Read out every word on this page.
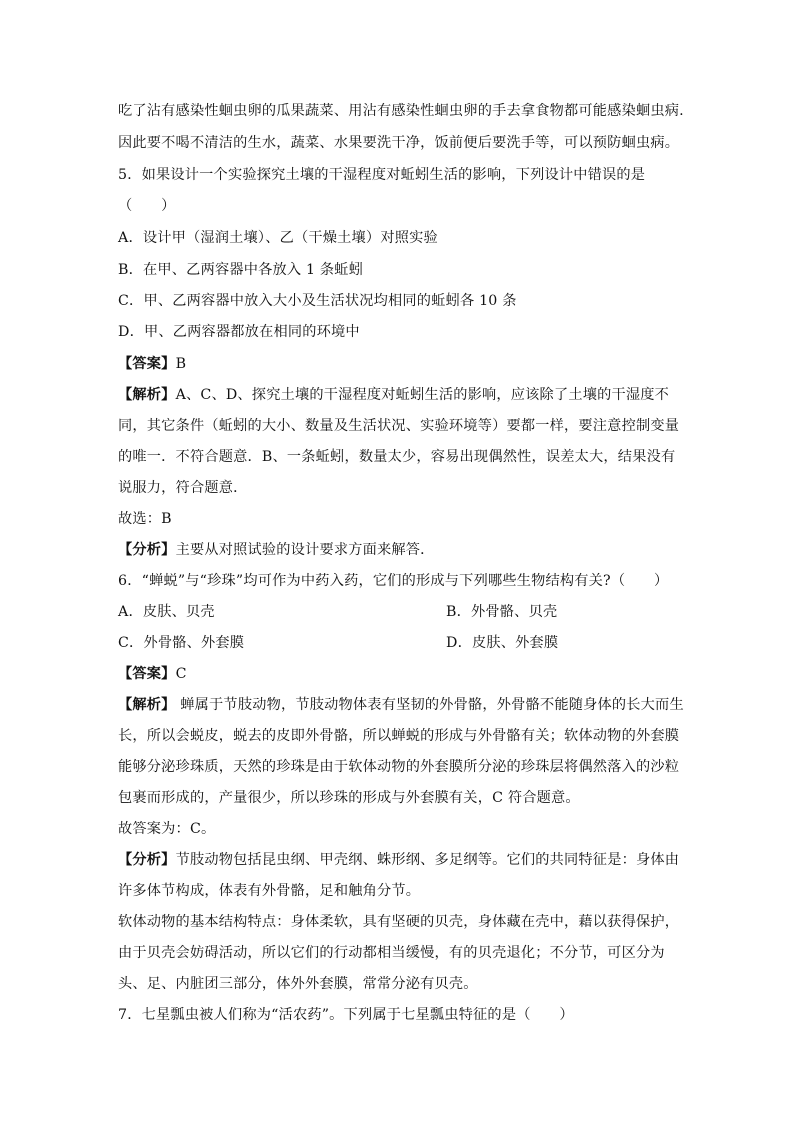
吃了沾有感染性蛔虫卵的瓜果蔬菜、用沾有感染性蛔虫卵的手去拿食物都可能感染蛔虫病.
因此要不喝不清洁的生水，蔬菜、水果要洗干净，饭前便后要洗手等，可以预防蛔虫病。
5．如果设计一个实验探究土壤的干湿程度对蚯蚓生活的影响，下列设计中错误的是
（　　）
A．设计甲（湿润土壤）、乙（干燥土壤）对照实验
B．在甲、乙两容器中各放入 1 条蚯蚓
C．甲、乙两容器中放入大小及生活状况均相同的蚯蚓各 10 条
D．甲、乙两容器都放在相同的环境中
【答案】B
【解析】A、C、D、探究土壤的干湿程度对蚯蚓生活的影响，应该除了土壤的干湿度不
同，其它条件（蚯蚓的大小、数量及生活状况、实验环境等）要都一样，要注意控制变量
的唯一．不符合题意．B、一条蚯蚓，数量太少，容易出现偶然性，误差太大，结果没有
说服力，符合题意．
故选：B
【分析】主要从对照试验的设计要求方面来解答．
6．“蝉蜕”与“珍珠”均可作为中药入药，它们的形成与下列哪些生物结构有关?（　　）
A．皮肤、贝壳	B．外骨骼、贝壳
C．外骨骼、外套膜	D．皮肤、外套膜
【答案】C
【解析】 蝉属于节肢动物，节肢动物体表有坚韧的外骨骼，外骨骼不能随身体的长大而生
长，所以会蜕皮，蜕去的皮即外骨骼，所以蝉蜕的形成与外骨骼有关；软体动物的外套膜
能够分泌珍珠质，天然的珍珠是由于软体动物的外套膜所分泌的珍珠层将偶然落入的沙粒
包裹而形成的，产量很少，所以珍珠的形成与外套膜有关，C 符合题意。
故答案为：C。
【分析】节肢动物包括昆虫纲、甲壳纲、蛛形纲、多足纲等。它们的共同特征是：身体由
许多体节构成，体表有外骨骼，足和触角分节。
软体动物的基本结构特点：身体柔软，具有坚硬的贝壳，身体藏在壳中，藉以获得保护，
由于贝壳会妨碍活动，所以它们的行动都相当缓慢，有的贝壳退化；不分节，可区分为
头、足、内脏团三部分，体外外套膜，常常分泌有贝壳。
7．七星瓢虫被人们称为“活农药”。下列属于七星瓢虫特征的是（　　）
